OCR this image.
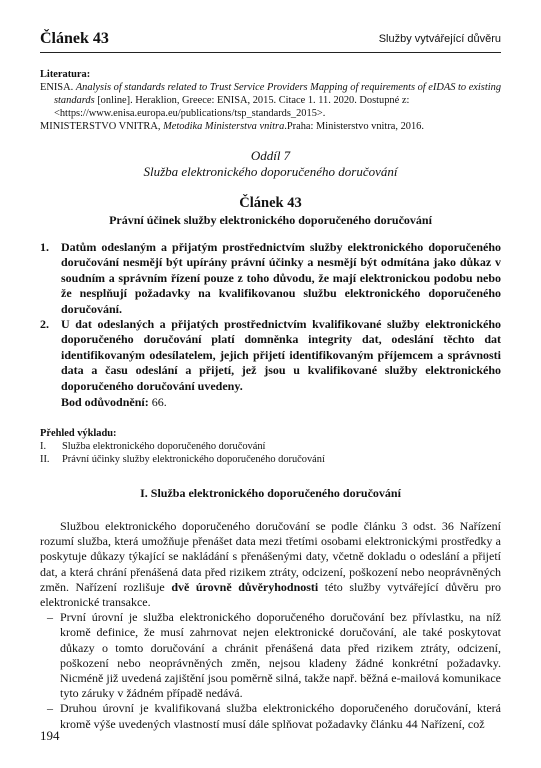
Článek 43	Služby vytvářející důvěru
Literatura:

ENISA. Analysis of standards related to Trust Service Providers Mapping of requirements of eIDAS to existing standards [online]. Heraklion, Greece: ENISA, 2015. Citace 1. 11. 2020. Dostupné z: <https://www.enisa.europa.eu/publications/tsp_standards_2015>.

MINISTERSTVO VNITRA, Metodika Ministerstva vnitra.Praha: Ministerstvo vnitra, 2016.

Oddíl 7
Služba elektronického doporučeného doručování
Článek 43
Právní účinek služby elektronického doporučeného doručování

1. Datům odeslaným a přijatým prostřednictvím služby elektronického doporučeného doručování nesmějí být upírány právní účinky a nesmějí být odmítána jako důkaz v soudním a správním řízení pouze z toho důvodu, že mají elektronickou podobu nebo že nesplňují požadavky na kvalifikovanou službu elektronického doporučeného doručování.

2. U dat odeslaných a přijatých prostřednictvím kvalifikované služby elektronického doporučeného doručování platí domněnka integrity dat, odeslání těchto dat identifikovaným odesílatelem, jejich přijetí identifikovaným příjemcem a správnosti data a času odeslání a přijetí, jež jsou u kvalifikované služby elektronického doporučeného doručování uvedeny.

Bod odůvodnění: 66.
Přehled výkladu:
I. Služba elektronického doporučeného doručování
II. Právní účinky služby elektronického doporučeného doručování
I. Služba elektronického doporučeného doručování

Službou elektronického doporučeného doručování se podle článku 3 odst. 36 Nařízení rozumí služba, která umožňuje přenášet data mezi třetími osobami elektronickými prostředky a poskytuje důkazy týkající se nakládání s přenášenými daty, včetně dokladu o odeslání a přijetí dat, a která chrání přenášená data před rizikem ztráty, odcizení, poškození nebo neoprávněných změn. Nařízení rozlišuje dvě úrovně důvěryhodnosti této služby vytvářející důvěru pro elektronické transakce.

– První úrovní je služba elektronického doporučeného doručování bez přívlastku, na níž kromě definice, že musí zahrnovat nejen elektronické doručování, ale také poskytovat důkazy o tomto doručování a chránit přenášená data před rizikem ztráty, odcizení, poškození nebo neoprávněných změn, nejsou kladeny žádné konkrétní požadavky. Nicméně již uvedená zajištění jsou poměrně silná, takže např. běžná e-mailová komunikace tyto záruky v žádném případě nedává.

– Druhou úrovní je kvalifikovaná služba elektronického doporučeného doručování, která kromě výše uvedených vlastností musí dále splňovat požadavky článku 44 Nařízení, což

194
